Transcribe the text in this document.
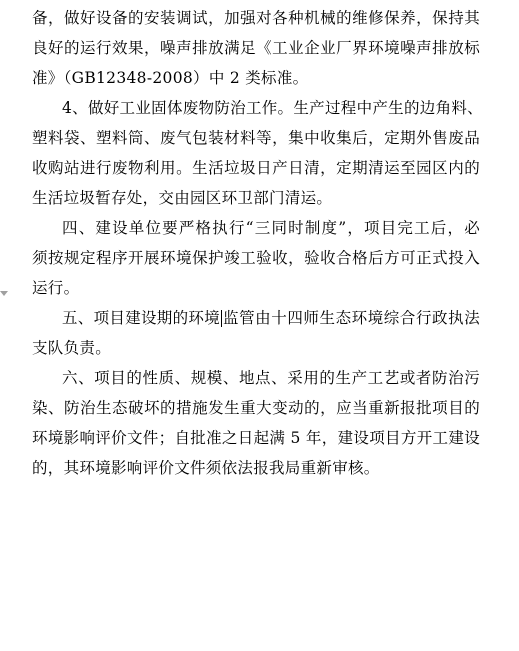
备，做好设备的安装调试，加强对各种机械的维修保养，保持其
良好的运行效果，噪声排放满足《工业企业厂界环境噪声排放标
准》（GB12348-2008）中 2 类标准。
4、做好工业固体废物防治工作。生产过程中产生的边角料、
塑料袋、塑料筒、废气包装材料等，集中收集后，定期外售废品
收购站进行废物利用。生活垃圾日产日清，定期清运至园区内的
生活垃圾暂存处，交由园区环卫部门清运。
四、建设单位要严格执行“三同时制度”，项目完工后，必
须按规定程序开展环境保护竣工验收，验收合格后方可正式投入
运行。
五、项目建设期的环境 监管由十四师生态环境综合行政执法
支队负责。
六、项目的性质、规模、地点、采用的生产工艺或者防治污
染、防治生态破坏的措施发生重大变动的，应当重新报批项目的
环境影响评价文件；自批准之日起满 5 年，建设项目方开工建设
的，其环境影响评价文件须依法报我局重新审核。
